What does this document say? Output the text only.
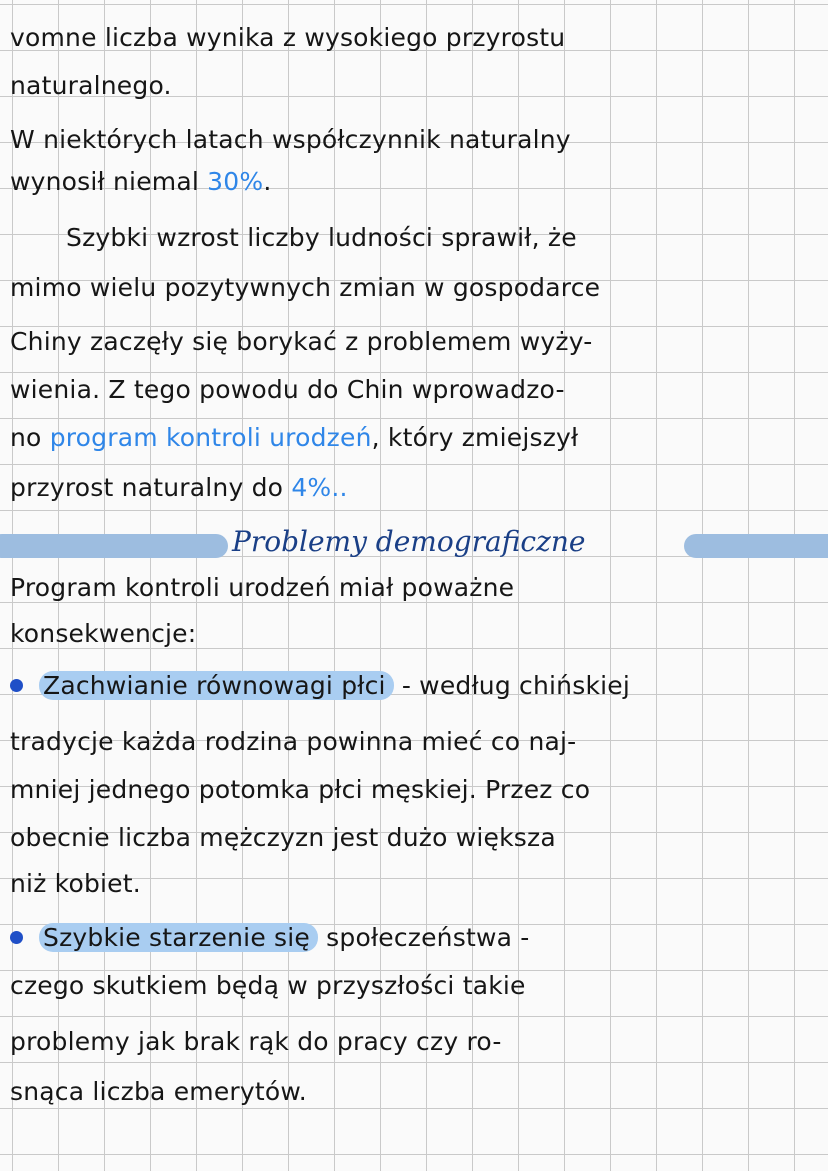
vomne liczba wynika z wysokiego przyrostu
naturalnego.
W niektórych latach współczynnik naturalny
wynosił niemal 30%.
Szybki wzrost liczby ludności sprawił, że
mimo wielu pozytywnych zmian w gospodarce
Chiny zaczęły się borykać z problemem wyży-
wienia. Z tego powodu do Chin wprowadzo-
no program kontroli urodzeń, który zmiejszył
przyrost naturalny do 4%..
Problemy demograficzne
Program kontroli urodzeń miał poważne
konsekwencje:
Zachwianie równowagi płci - według chińskiej
tradycje każda rodzina powinna mieć co naj-
mniej jednego potomka płci męskiej. Przez co
obecnie liczba mężczyzn jest dużo większa
niż kobiet.
Szybkie starzenie się społeczeństwa -
czego skutkiem będą w przyszłości takie
problemy jak brak rąk do pracy czy ro-
snąca liczba emerytów.
